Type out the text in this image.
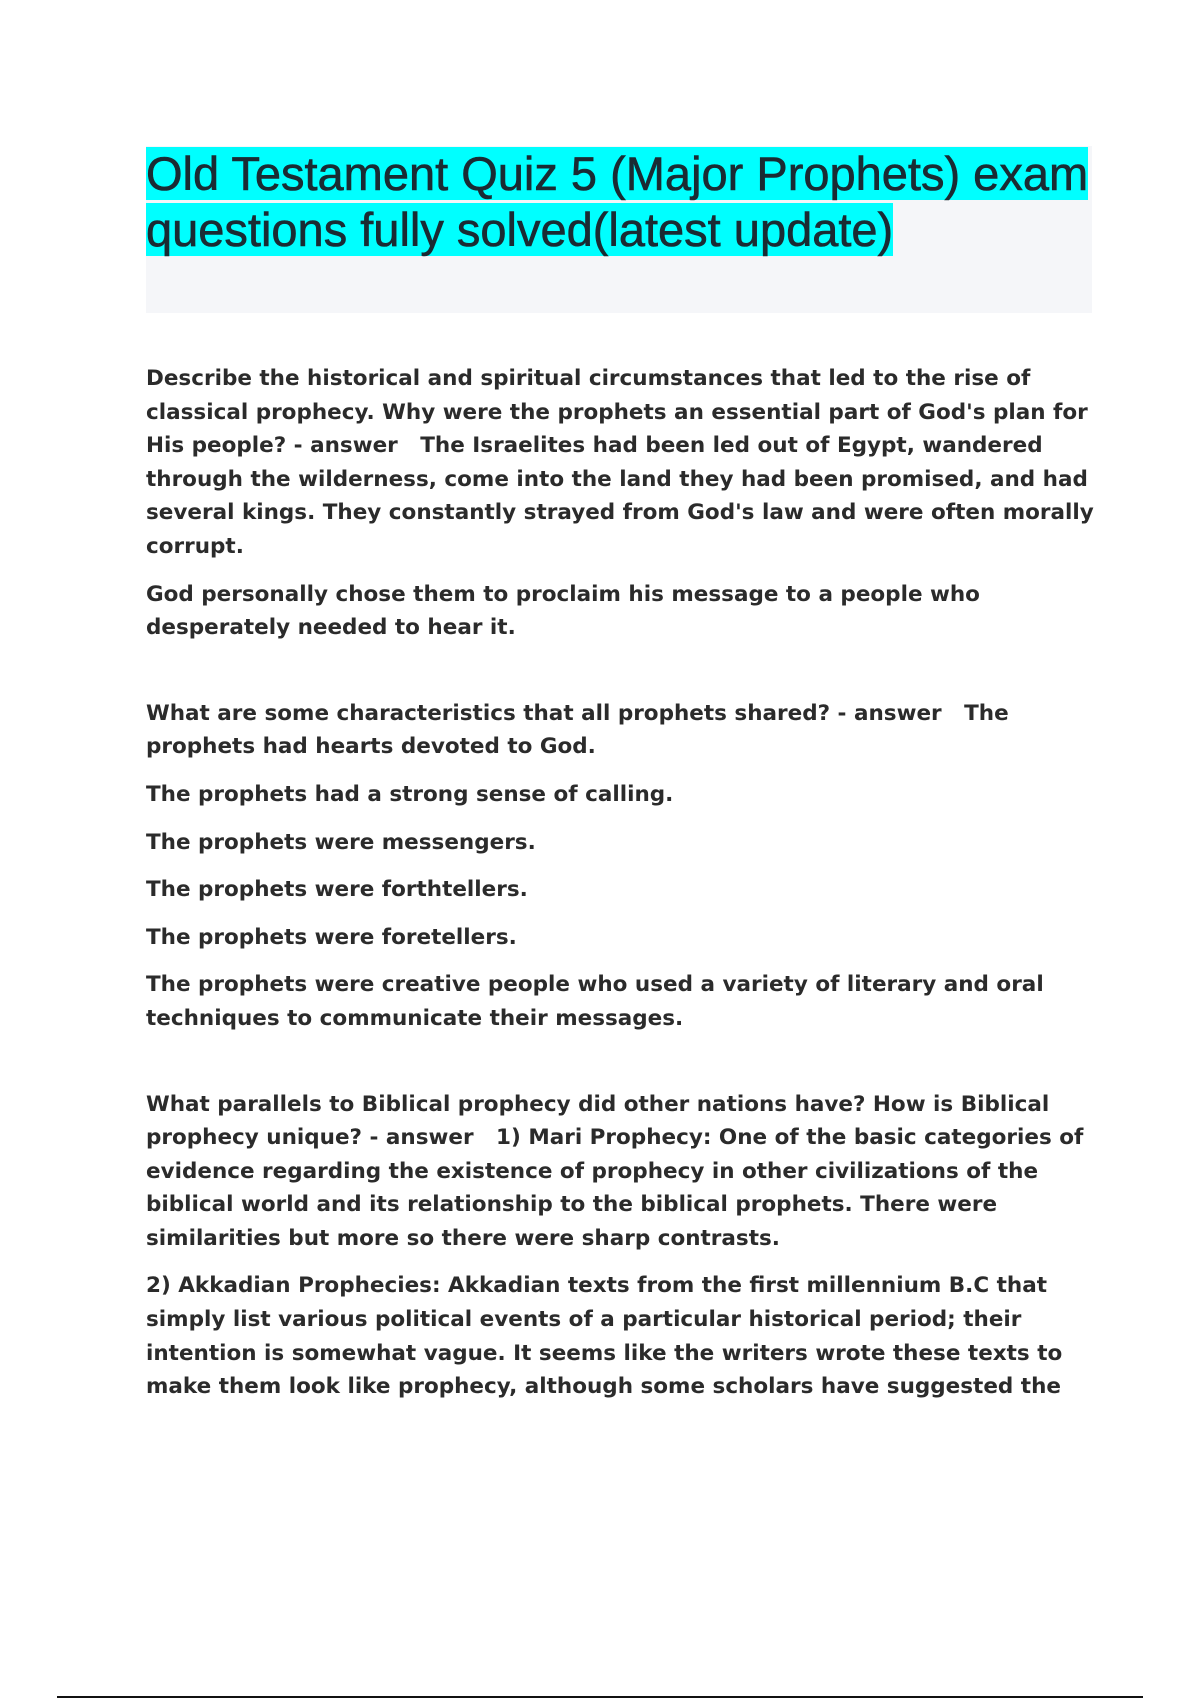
Old Testament Quiz 5 (Major Prophets) exam questions fully solved(latest update)

Describe the historical and spiritual circumstances that led to the rise of classical prophecy. Why were the prophets an essential part of God's plan for His people? - answer The Israelites had been led out of Egypt, wandered through the wilderness, come into the land they had been promised, and had several kings. They constantly strayed from God's law and were often morally corrupt.

God personally chose them to proclaim his message to a people who desperately needed to hear it.

What are some characteristics that all prophets shared? - answer The prophets had hearts devoted to God.

The prophets had a strong sense of calling.

The prophets were messengers.

The prophets were forthtellers.

The prophets were foretellers.

The prophets were creative people who used a variety of literary and oral techniques to communicate their messages.

What parallels to Biblical prophecy did other nations have? How is Biblical prophecy unique? - answer 1) Mari Prophecy: One of the basic categories of evidence regarding the existence of prophecy in other civilizations of the biblical world and its relationship to the biblical prophets. There were similarities but more so there were sharp contrasts.

2) Akkadian Prophecies: Akkadian texts from the first millennium B.C that simply list various political events of a particular historical period; their intention is somewhat vague. It seems like the writers wrote these texts to make them look like prophecy, although some scholars have suggested the
